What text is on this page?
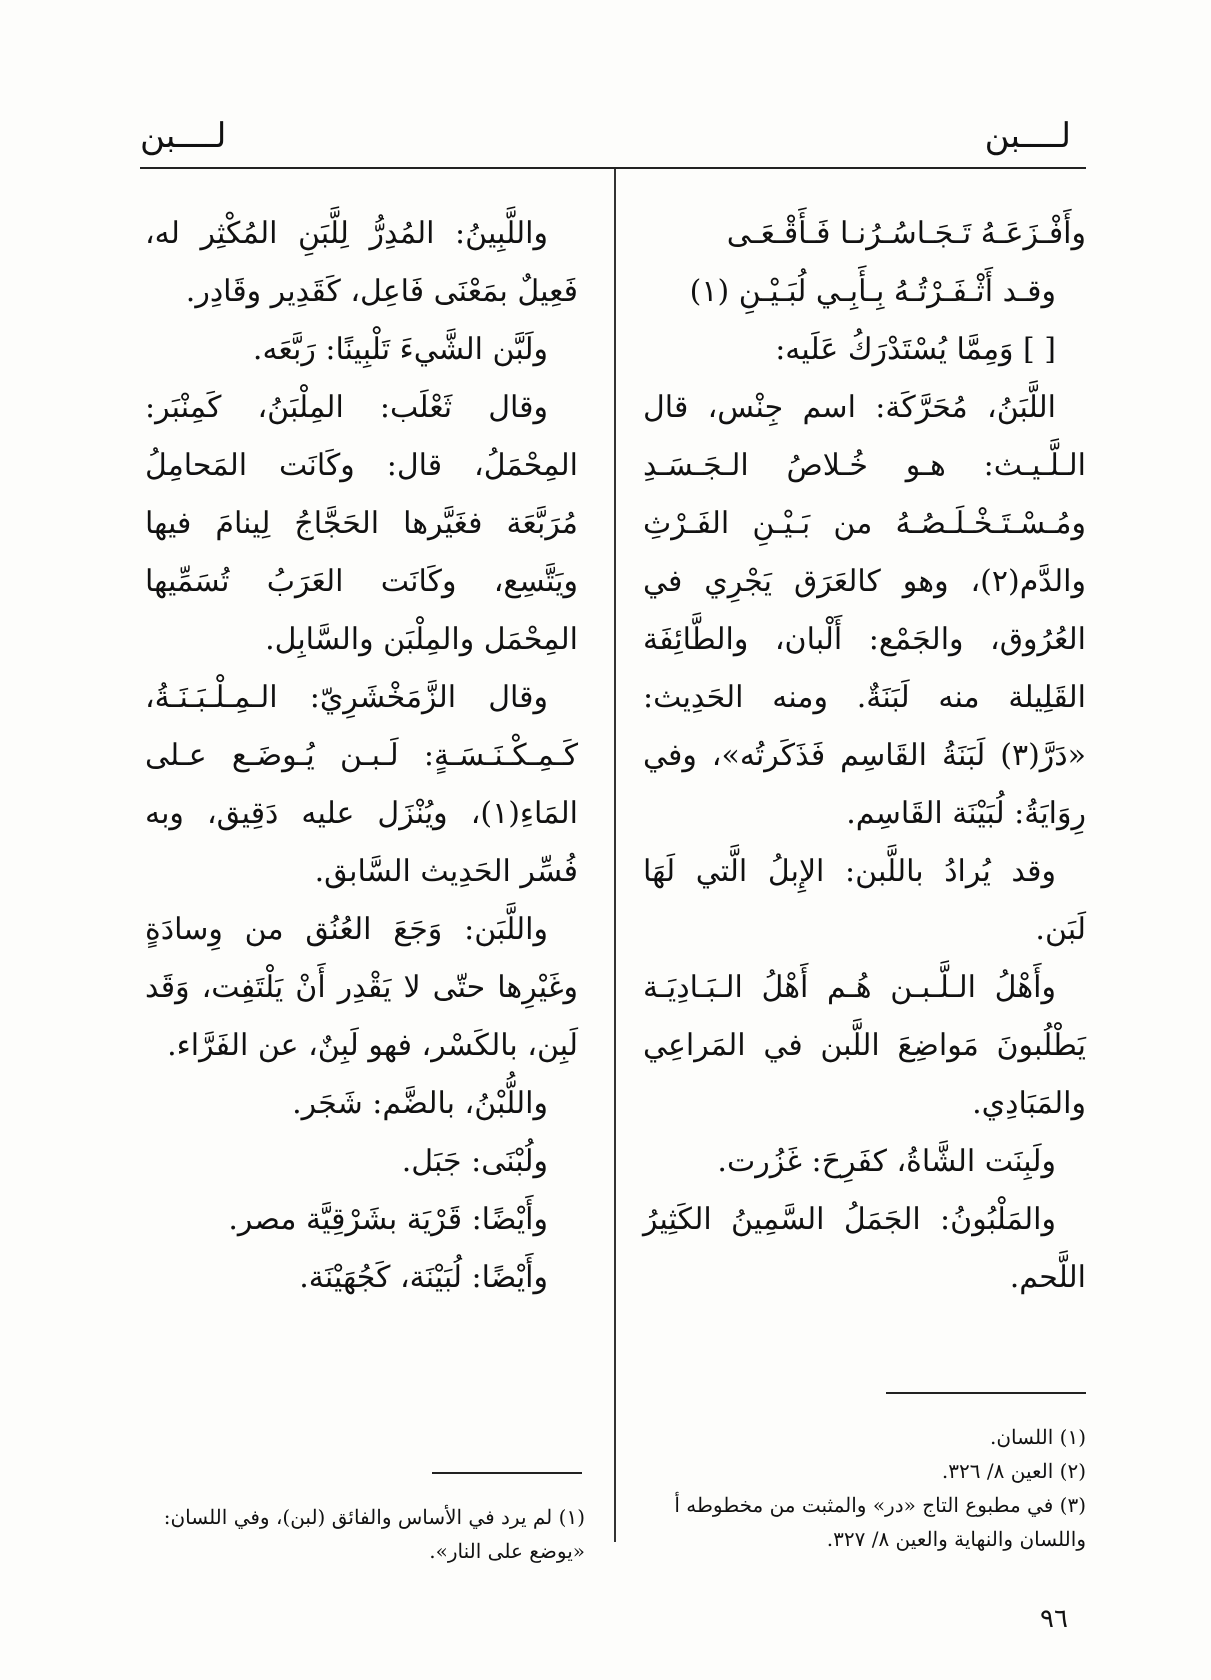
لــــبن
لــــبن

وأَفْـزَعَـهُ تَـجَـاسُـرُنـا فَـأَقْـعَـى

وقـد أَثْـفَـرْتُـهُ بِـأَبِـي لُبَـيْـنِ (١)

[ ] وَمِمَّا يُسْتَدْرَكُ عَلَيه:

اللَّبَنُ، مُحَرَّكَة: اسم جِنْس، قال الـلَّـيـث: هـو خُـلاصُ الـجَـسَـدِ ومُـسْـتَـخْـلَـصُـهُ من بَـيْـنِ الفَـرْثِ والدَّم(٢)، وهو كالعَرَق يَجْرِي في العُرُوق، والجَمْع: أَلْبان، والطَّائِفَة القَلِيلة منه لَبَنَةٌ. ومنه الحَدِيث: «دَرَّ(٣) لَبَنَةُ القَاسِم فَذَكَرتُه»، وفي رِوَايَةُ: لُبَيْنَة القَاسِم.

وقد يُرادُ باللَّبن: الإِبلُ الَّتي لَهَا لَبَن.

وأَهْلُ الـلَّـبـن هُـم أَهْلُ الـبَـادِيَـة يَطْلُبونَ مَواضِعَ اللَّبن في المَراعِي والمَبَادِي.

ولَبِنَت الشَّاةُ، كفَرِحَ: غَزُرت.

والمَلْبُونُ: الجَمَلُ السَّمِينُ الكَثِيرُ اللَّحم.

واللَّبِينُ: المُدِرُّ لِلَّبَنِ المُكْثِر له، فَعِيلٌ بمَعْنَى فَاعِل، كَقَدِير وقَادِر.

ولَبَّن الشَّيءَ تَلْبِينًا: رَبَّعَه.

وقال ثَعْلَب: المِلْبَنُ، كَمِنْبَر: المِحْمَلُ، قال: وكَانَت المَحامِلُ مُرَبَّعَة فغَيَّرها الحَجَّاجُ لِينامَ فيها ويَتَّسِع، وكَانَت العَرَبُ تُسَمِّيها المِحْمَل والمِلْبَن والسَّابِل.

وقال الزَّمَخْشَرِيّ: الـمِـلْـبَـنَـةُ، كَـمِـكْـنَـسَـةٍ: لَـبـن يُـوضَـع عـلى المَاءِ(١)، ويُنْزَل عليه دَقِيق، وبه فُسِّر الحَدِيث السَّابق.

واللَّبَن: وَجَعَ العُنُق من وِسادَةٍ وغَيْرِها حتّى لا يَقْدِر أَنْ يَلْتَفِت، وَقَد لَبِن، بالكَسْر، فهو لَبِنٌ، عن الفَرَّاء.

واللُّبْنُ، بالضَّم: شَجَر.

ولُبْنَى: جَبَل.

وأَيْضًا: قَرْيَة بشَرْقِيَّة مصر.

وأَيْضًا: لُبَيْنَة، كَجُهَيْنَة.

(١) اللسان.

(٢) العين ٨/ ٣٢٦.

(٣) في مطبوع التاج «در» والمثبت من مخطوطه أ واللسان والنهاية والعين ٨/ ٣٢٧.

(١) لم يرد في الأساس والفائق (لبن)، وفي اللسان: «يوضع على النار».

٩٦
